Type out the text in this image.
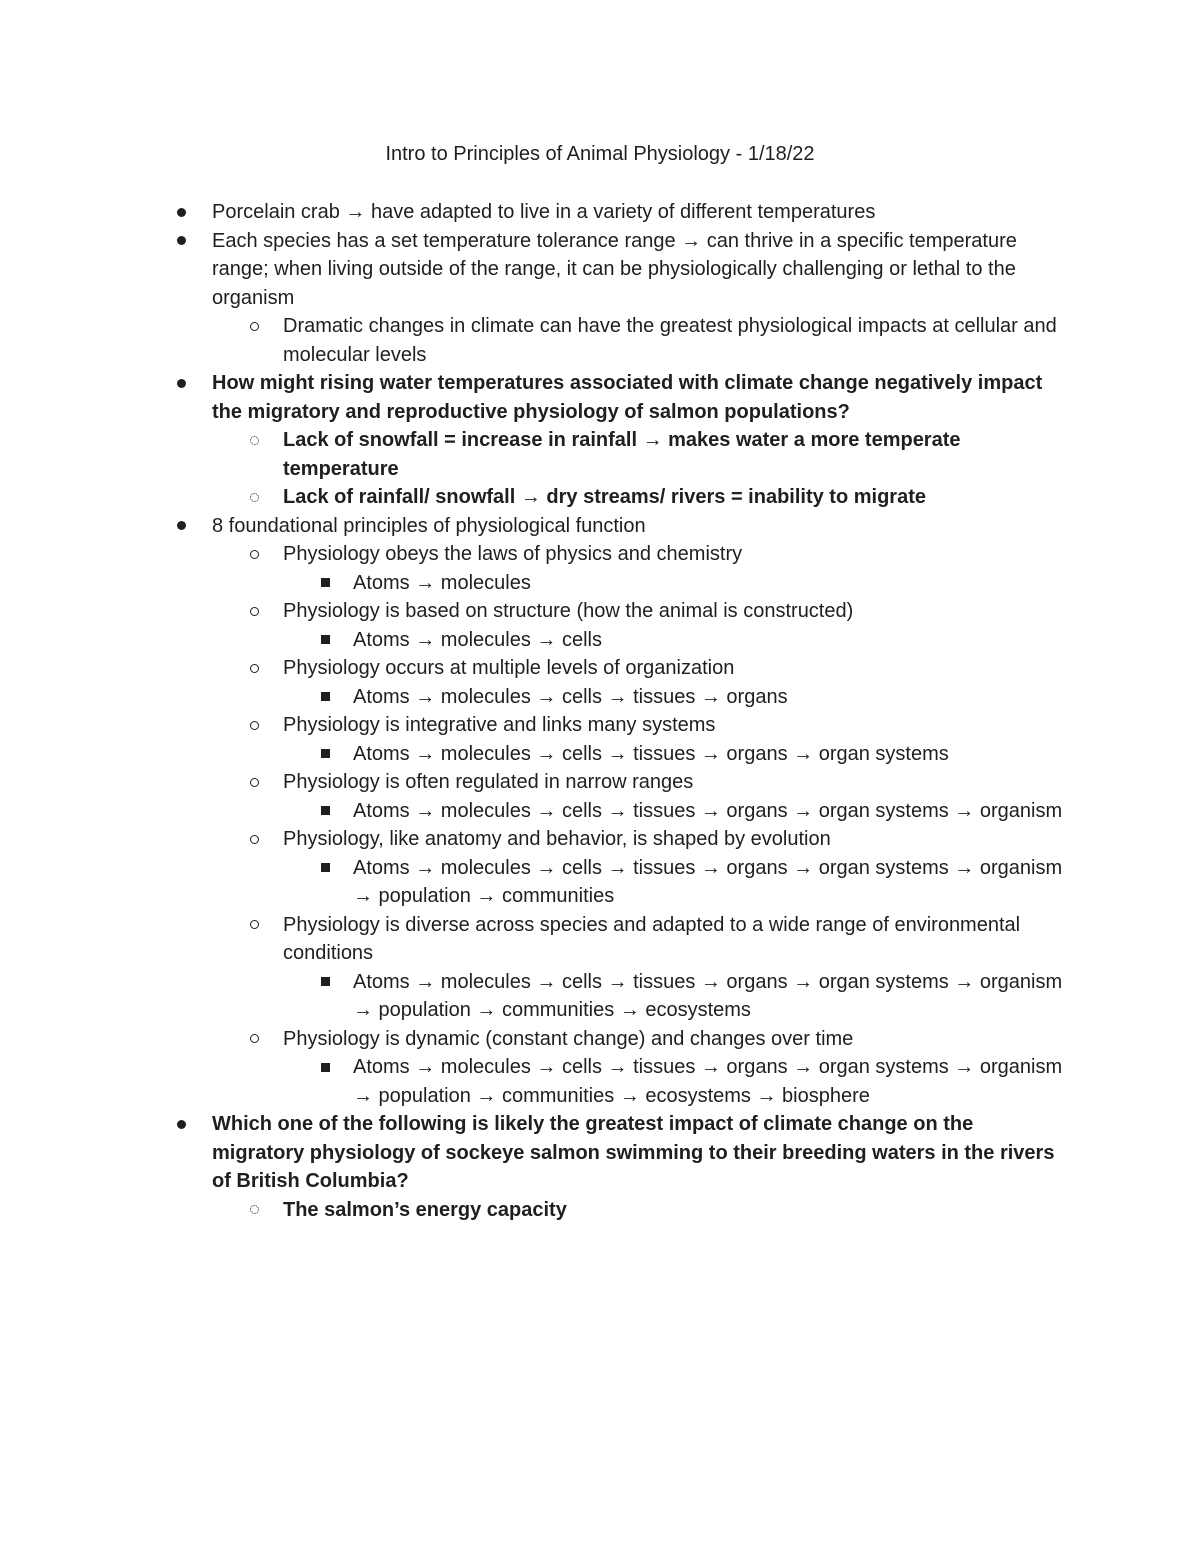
Intro to Principles of Animal Physiology - 1/18/22
Porcelain crab → have adapted to live in a variety of different temperatures
Each species has a set temperature tolerance range → can thrive in a specific temperature range; when living outside of the range, it can be physiologically challenging or lethal to the organism
Dramatic changes in climate can have the greatest physiological impacts at cellular and molecular levels
How might rising water temperatures associated with climate change negatively impact the migratory and reproductive physiology of salmon populations?
Lack of snowfall = increase in rainfall → makes water a more temperate temperature
Lack of rainfall/ snowfall → dry streams/ rivers = inability to migrate
8 foundational principles of physiological function
Physiology obeys the laws of physics and chemistry
Atoms → molecules
Physiology is based on structure (how the animal is constructed)
Atoms → molecules → cells
Physiology occurs at multiple levels of organization
Atoms → molecules → cells → tissues → organs
Physiology is integrative and links many systems
Atoms → molecules → cells → tissues → organs → organ systems
Physiology is often regulated in narrow ranges
Atoms → molecules → cells → tissues → organs → organ systems → organism
Physiology, like anatomy and behavior, is shaped by evolution
Atoms → molecules → cells → tissues → organs → organ systems → organism → population → communities
Physiology is diverse across species and adapted to a wide range of environmental conditions
Atoms → molecules → cells → tissues → organs → organ systems → organism → population → communities → ecosystems
Physiology is dynamic (constant change) and changes over time
Atoms → molecules → cells → tissues → organs → organ systems → organism → population → communities → ecosystems → biosphere
Which one of the following is likely the greatest impact of climate change on the migratory physiology of sockeye salmon swimming to their breeding waters in the rivers of British Columbia?
The salmon’s energy capacity
